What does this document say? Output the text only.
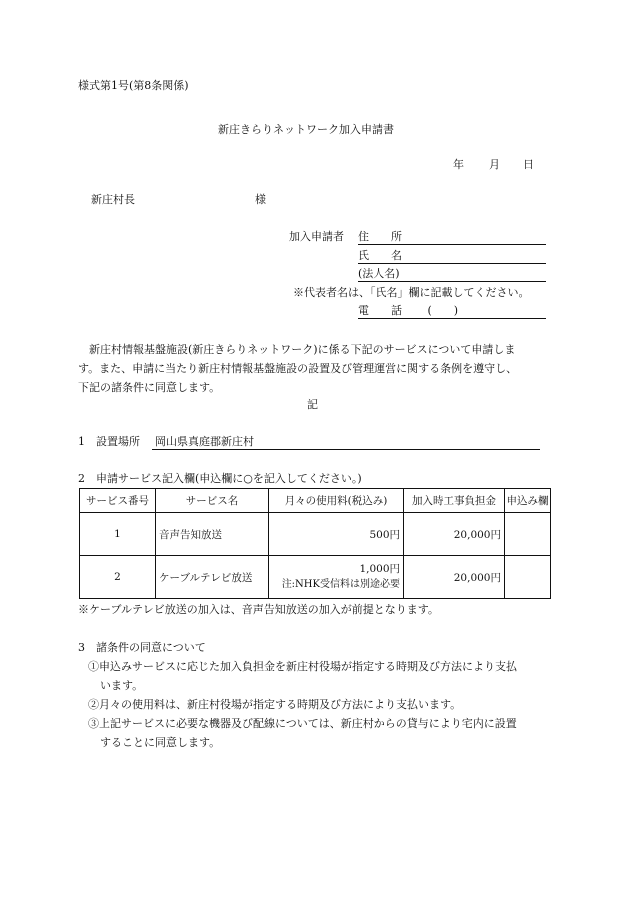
様式第1号(第8条関係)
新庄きらりネットワーク加入申請書
年 月 日
新庄村長	様
加入申請者 住　　所
氏　　名
(法人名)
※代表者名は、「氏名」欄に記載してください。
電　　話 (　　)
新庄村情報基盤施設(新庄きらりネットワーク)に係る下記のサービスについて申請しま
す。また、申請に当たり新庄村情報基盤施設の設置及び管理運営に関する条例を遵守し、
下記の諸条件に同意します。
記
1　設置場所 岡山県真庭郡新庄村
2　申請サービス記入欄(申込欄に○を記入してください。)
サービス番号	サービス名	月々の使用料(税込み)	加入時工事負担金	申込み欄
1	音声告知放送	500円	20,000円	
2	ケーブルテレビ放送	1,000円
注:NHK受信料は別途必要	20,000円	
※ケーブルテレビ放送の加入は、音声告知放送の加入が前提となります。
3　諸条件の同意について
①申込みサービスに応じた加入負担金を新庄村役場が指定する時期及び方法により支払
います。
②月々の使用料は、新庄村役場が指定する時期及び方法により支払います。
③上記サービスに必要な機器及び配線については、新庄村からの貸与により宅内に設置
することに同意します。
